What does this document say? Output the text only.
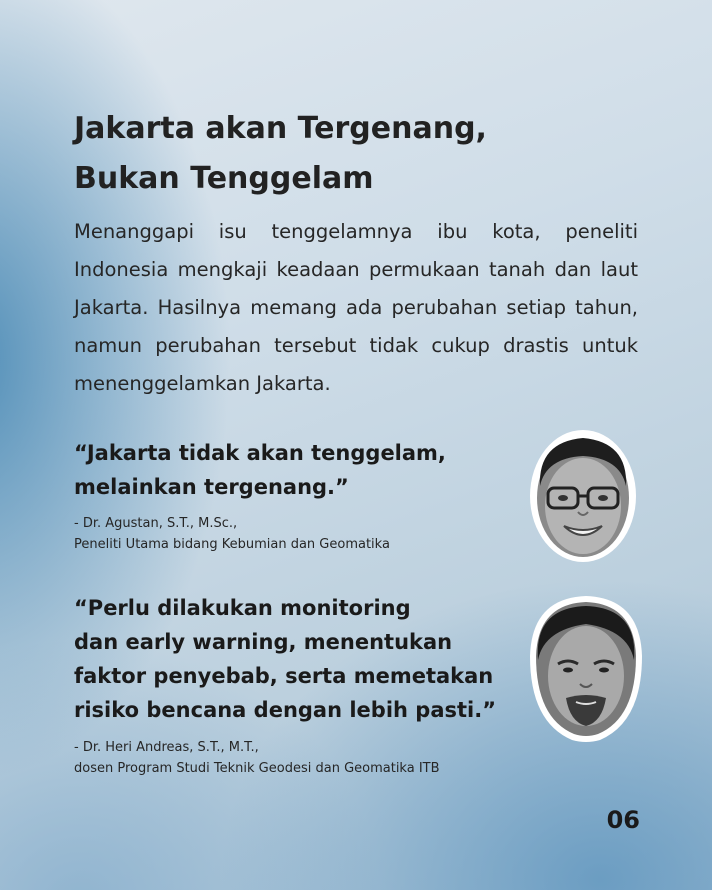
Jakarta akan Tergenang,
Bukan Tenggelam
Menanggapi isu tenggelamnya ibu kota, peneliti Indonesia mengkaji keadaan permukaan tanah dan laut Jakarta. Hasilnya memang ada perubahan setiap tahun, namun perubahan tersebut tidak cukup drastis untuk menenggelamkan Jakarta.
“Jakarta tidak akan tenggelam,
melainkan tergenang.”
- Dr. Agustan, S.T., M.Sc.,
Peneliti Utama bidang Kebumian dan Geomatika
“Perlu dilakukan monitoring
dan early warning, menentukan
faktor penyebab, serta memetakan
risiko bencana dengan lebih pasti.”
- Dr. Heri Andreas, S.T., M.T.,
dosen Program Studi Teknik Geodesi dan Geomatika ITB
06
